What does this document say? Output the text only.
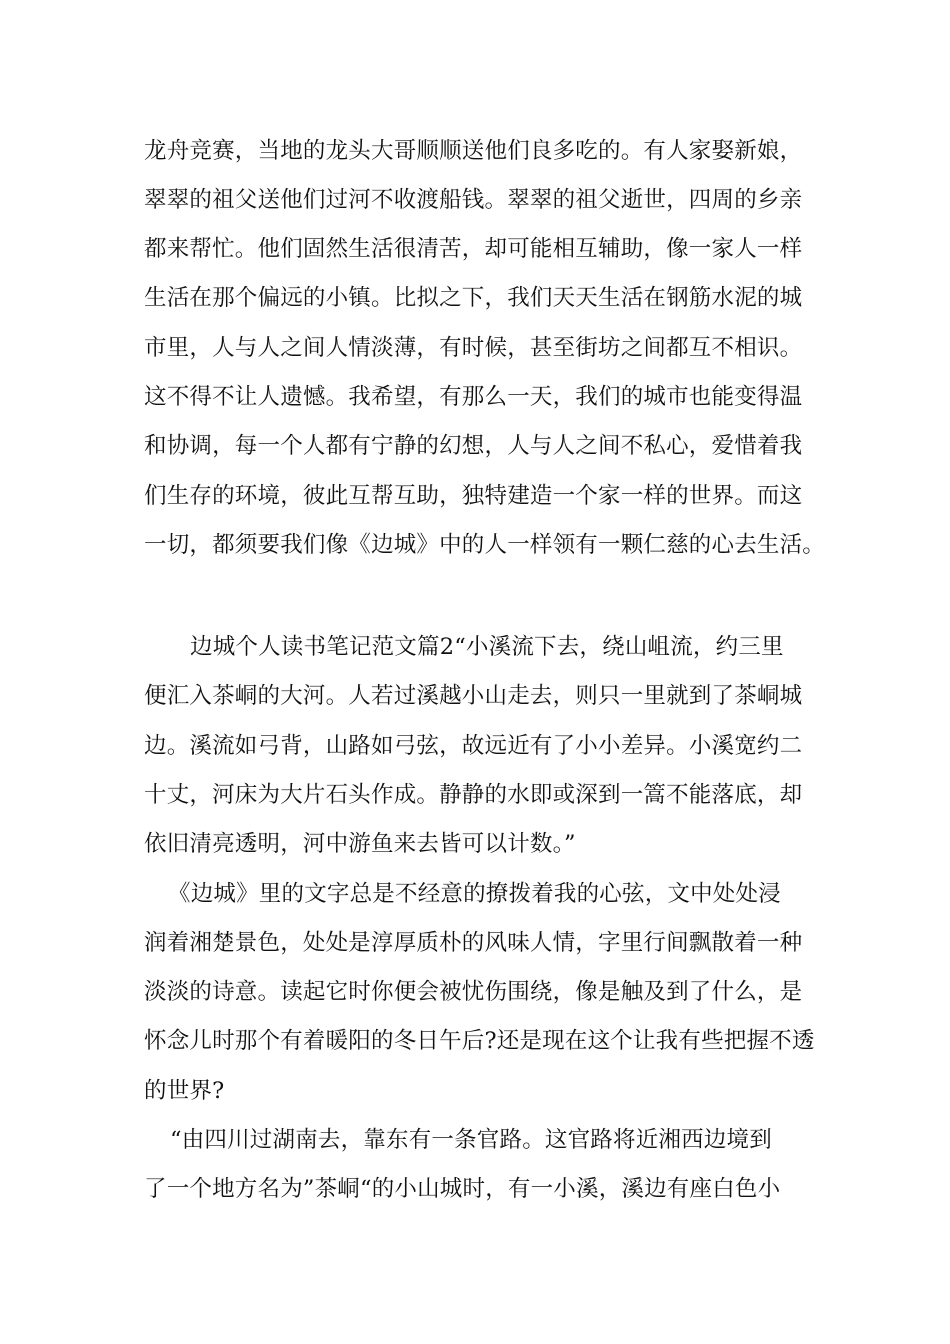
龙舟竞赛，当地的龙头大哥顺顺送他们良多吃的。有人家娶新娘，
翠翠的祖父送他们过河不收渡船钱。翠翠的祖父逝世，四周的乡亲
都来帮忙。他们固然生活很清苦，却可能相互辅助，像一家人一样
生活在那个偏远的小镇。比拟之下，我们天天生活在钢筋水泥的城
市里，人与人之间人情淡薄，有时候，甚至街坊之间都互不相识。
这不得不让人遗憾。我希望，有那么一天，我们的城市也能变得温
和协调，每一个人都有宁静的幻想，人与人之间不私心，爱惜着我
们生存的环境，彼此互帮互助，独特建造一个家一样的世界。而这
一切，都须要我们像《边城》中的人一样领有一颗仁慈的心去生活。
边城个人读书笔记范文篇2“小溪流下去，绕山岨流，约三里
便汇入茶峒的大河。人若过溪越小山走去，则只一里就到了茶峒城
边。溪流如弓背，山路如弓弦，故远近有了小小差异。小溪宽约二
十丈，河床为大片石头作成。静静的水即或深到一篙不能落底，却
依旧清亮透明，河中游鱼来去皆可以计数。”
《边城》里的文字总是不经意的撩拨着我的心弦，文中处处浸
润着湘楚景色，处处是淳厚质朴的风味人情，字里行间飘散着一种
淡淡的诗意。读起它时你便会被忧伤围绕，像是触及到了什么，是
怀念儿时那个有着暖阳的冬日午后?还是现在这个让我有些把握不透
的世界?
“由四川过湖南去，靠东有一条官路。这官路将近湘西边境到
了一个地方名为”茶峒“的小山城时，有一小溪，溪边有座白色小
